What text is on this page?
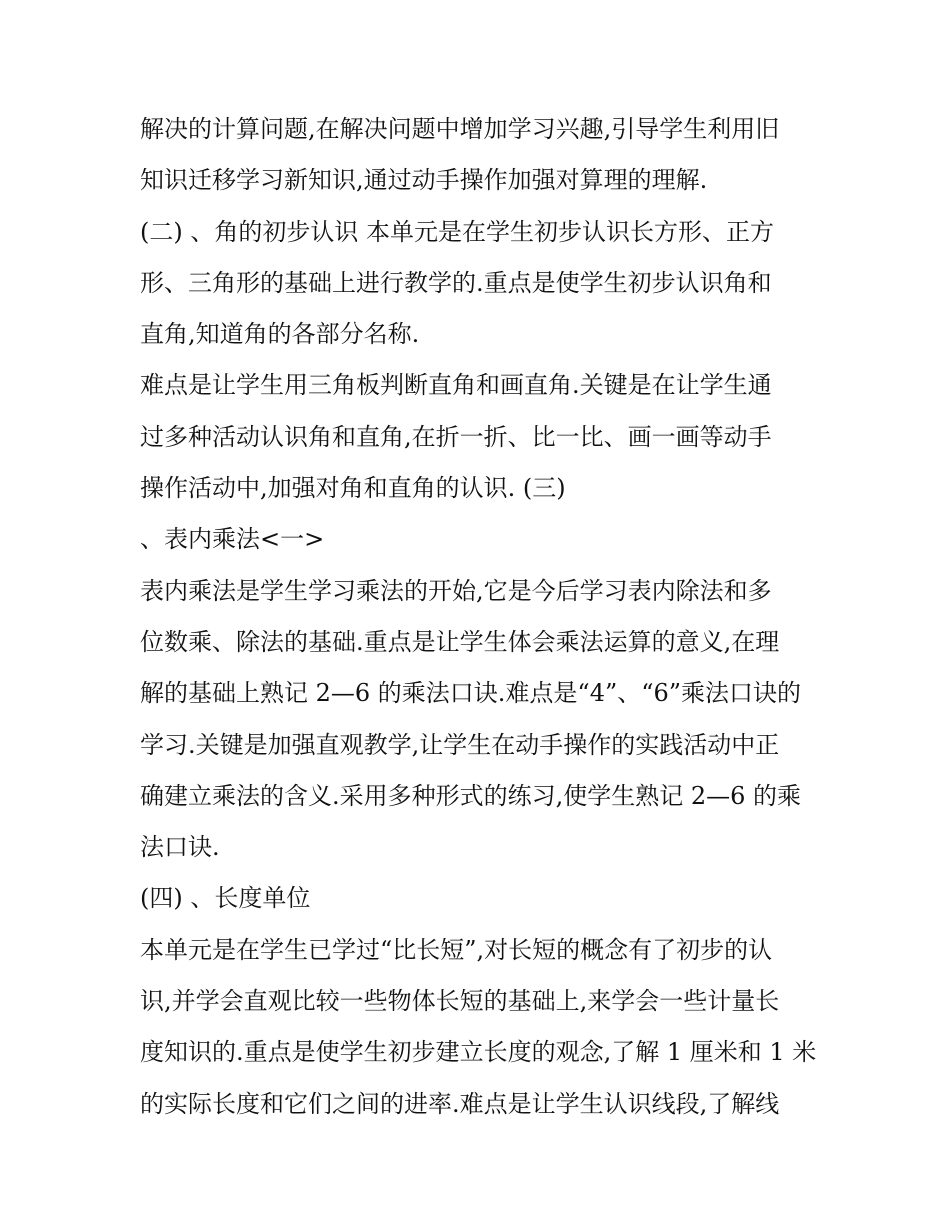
解决的计算问题,在解决问题中增加学习兴趣,引导学生利用旧
知识迁移学习新知识,通过动手操作加强对算理的理解.
(二) 、角的初步认识 本单元是在学生初步认识长方形、正方
形、三角形的基础上进行教学的.重点是使学生初步认识角和
直角,知道角的各部分名称.
难点是让学生用三角板判断直角和画直角.关键是在让学生通
过多种活动认识角和直角,在折一折、比一比、画一画等动手
操作活动中,加强对角和直角的认识. (三)
、表内乘法<一>
表内乘法是学生学习乘法的开始,它是今后学习表内除法和多
位数乘、除法的基础.重点是让学生体会乘法运算的意义,在理
解的基础上熟记 2—6 的乘法口诀.难点是“4”、“6”乘法口诀的
学习.关键是加强直观教学,让学生在动手操作的实践活动中正
确建立乘法的含义.采用多种形式的练习,使学生熟记 2—6 的乘
法口诀.
(四) 、长度单位
本单元是在学生已学过“比长短”,对长短的概念有了初步的认
识,并学会直观比较一些物体长短的基础上,来学会一些计量长
度知识的.重点是使学生初步建立长度的观念,了解 1 厘米和 1 米
的实际长度和它们之间的进率.难点是让学生认识线段,了解线
